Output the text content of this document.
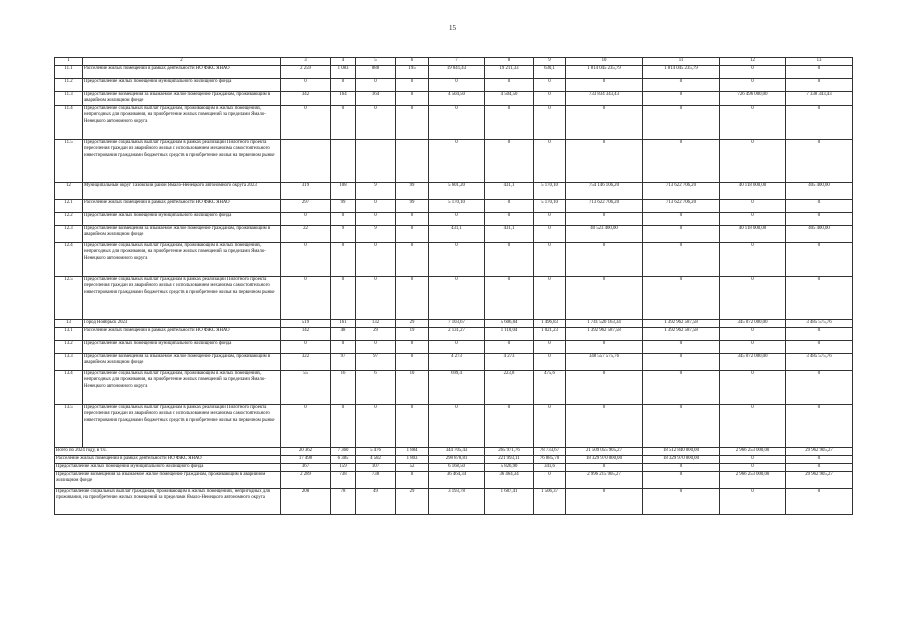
15
1	2	3	4	5	6	7	8	9	10	11	12	13
11.1	Расселение жилых помещений в рамках деятельности НО ФЖС ЯНАО	2 259	1 083	888	195	19 841,43	19 211,33	630,1	1 814 045 235,79	1 814 045 235,79	0	0
11.2	Предоставление жилых помещений муниципального жилищного фонда	0	0	0	0	0	0	0	0	0	0	0
11.3	Предоставление возмещения за изымаемое жилое помещение гражданам, проживающим в аварийном жилищном фонде	342	164	164	0	4 504,50	4 504,50	0	733 834 343,43	0	726 496 000,00	7 338 343,43
11.4	Предоставление социальных выплат гражданам, проживающим в жилых помещениях, непригодных для проживания, на приобретение жилых помещений за пределами Ямало-Ненецкого автономного округа	0	0	0	0	0	0	0	0	0	0	0
11.5	Предоставление социальных выплат гражданам в рамках реализации Пилотного проекта переселения граждан из аварийного жилья с использованием механизма самостоятельного инвестирования гражданами бюджетных средств в приобретение жилья на первичном рынке					0	0	0	0	0	0	0
12	Муниципальный округ Тазовский район Ямало-Ненецкого автономного округа 2023	319	108	9	99	5 601,20	431,1	5 170,10	754 146 106,20	713 622 706,20	40 118 000,00	405 400,00
12.1	Расселение жилых помещений в рамках деятельности НО ФЖС ЯНАО	297	99	0	99	5 170,10	0	5 170,10	713 622 706,20	713 622 706,20	0	0
12.2	Предоставление жилых помещений муниципального жилищного фонда	0	0	0	0	0	0	0	0	0	0	0
12.3	Предоставление возмещения за изымаемое жилое помещение гражданам, проживающим в аварийном жилищном фонде	22	9	9	0	431,1	431,1	0	40 523 400,00	0	40 118 000,00	405 400,00
12.4	Предоставление социальных выплат гражданам, проживающим в жилых помещениях, непригодных для проживания, на приобретение жилых помещений за пределами Ямало-Ненецкого автономного округа	0	0	0	0	0	0	0	0	0	0	0
12.5	Предоставление социальных выплат гражданам в рамках реализации Пилотного проекта переселения граждан из аварийного жилья с использованием механизма самостоятельного инвестирования гражданами бюджетных средств в приобретение жилья на первичном рынке	0	0	0	0	0	0	0	0	0	0	0
13	Город Ноябрьск 2023	519	161	132	29	7 103,67	5 606,84	1 496,83	1 741 520 163,34	1 392 962 587,58	345 072 000,00	3 485 575,76
13.1	Расселение жилых помещений в рамках деятельности НО ФЖС ЯНАО	142	48	29	19	2 131,27	1 110,04	1 021,23	1 392 962 587,58	1 392 962 587,58	0	0
13.2	Предоставление жилых помещений муниципального жилищного фонда	0	0	0	0	0	0	0	0	0	0	0
13.3	Предоставление возмещения за изымаемое жилое помещение гражданам, проживающим в аварийном жилищном фонде	322	97	97	0	4 273	4 273	0	348 557 575,76	0	345 072 000,00	3 485 575,76
13.4	Предоставление социальных выплат гражданам, проживающим в жилых помещениях, непригодных для проживания, на приобретение жилых помещений за пределами Ямало-Ненецкого автономного округа	55	16	6	10	699,4	223,8	475,6	0	0	0	0
13.5	Предоставление социальных выплат гражданам в рамках реализации Пилотного проекта переселения граждан из аварийного жилья с использованием механизма самостоятельного инвестирования гражданами бюджетных средств в приобретение жилья на первичном рынке	0	0	0	0	0	0	0	0	0	0	0
Всего по 2024 году, в т.ч.		20 362	7 360	5 476	1 884	344 705,43	265 971,76	78 733,67	21 509 055 905,27	18 512 840 000,00	2 966 253 000,00	29 962 905,27
Расселение жилых помещений в рамках деятельности НО ФЖС ЯНАО		17 498	6 385	4 582	1 803	298 878,81	221 993,11	76 885,70	18 329 970 000,00	18 329 970 000,00	0	0
Предоставление жилых помещений муниципального жилищного фонда		367	159	107	52	6 168,50	5 826,90	341,6	0	0	0	0
Предоставление возмещения за изымаемое жилое помещение гражданам, проживающим в аварийном жилищном фонде		2 289	738	738	0	36 464,34	36 464,34	0	2 996 215 905,27	0	2 966 253 000,00	29 962 905,27
Предоставление социальных выплат гражданам, проживающим в жилых помещениях, непригодных для проживания, на приобретение жилых помещений за пределами Ямало-Ненецкого автономного округа		208	78	49	29	3 193,78	1 687,41	1 506,37	0	0	0	0
